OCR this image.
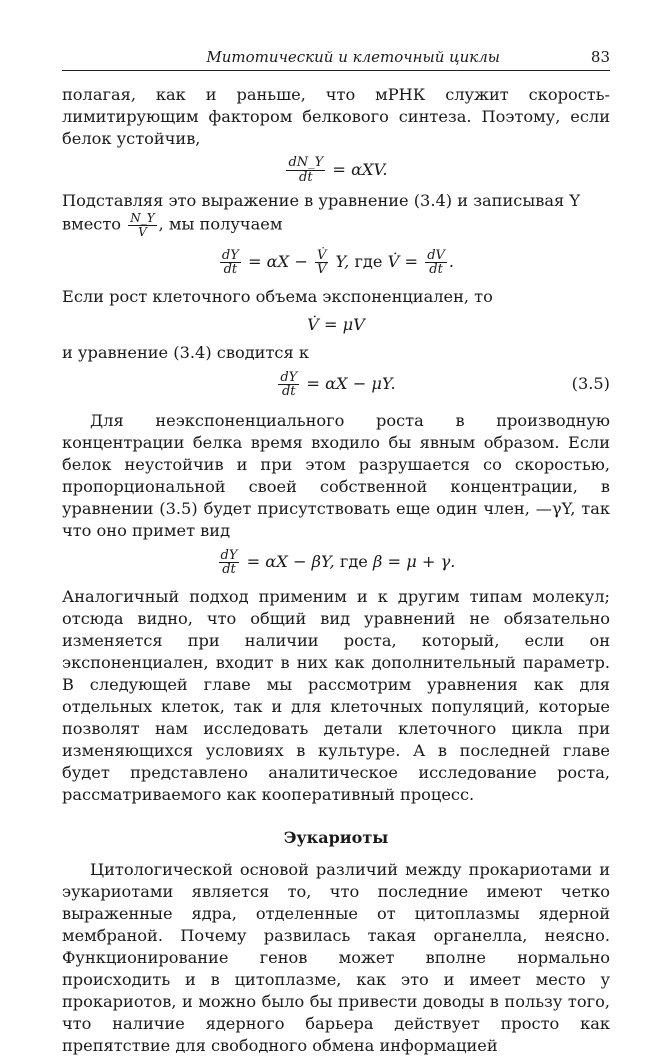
Митотический и клеточный циклы	83

полагая, как и раньше, что мРНК служит скорость-лимитирующим фактором белкового синтеза. Поэтому, если белок устойчив,

$\frac{dN\_Y}{dt} = \alpha XV$.

Подставляя это выражение в уравнение (3.4) и записывая Y

вместо $\frac{N\_Y}{V}$ , мы получаем

$\frac{dY}{dt} = \alpha X - \frac{V̇}{V} Y$, где V̇ = $\frac{dV}{dt}$ .

Если рост клеточного объема экспоненциален, то

V̇ = μV

и уравнение (3.4) сводится к

$\frac{dY}{dt} = \alpha X - \mu Y$.	(3.5)

Для неэкспоненциального роста в производную концентрации белка время входило бы явным образом. Если белок неустойчив и при этом разрушается со скоростью, пропорциональной своей собственной концентрации, в уравнении (3.5) будет присутствовать еще один член, —γY, так что оно примет вид

$\frac{dY}{dt} = \alpha X - \beta Y$, где β = μ + γ.

Аналогичный подход применим и к другим типам молекул; отсюда видно, что общий вид уравнений не обязательно изменяется при наличии роста, который, если он экспоненциален, входит в них как дополнительный параметр. В следующей главе мы рассмотрим уравнения как для отдельных клеток, так и для клеточных популяций, которые позволят нам исследовать детали клеточного цикла при изменяющихся условиях в культуре. А в последней главе будет представлено аналитическое исследование роста, рассматриваемого как кооперативный процесс.

Эукариоты

Цитологической основой различий между прокариотами и эукариотами является то, что последние имеют четко выраженные ядра, отделенные от цитоплазмы ядерной мембраной. Почему развилась такая органелла, неясно. Функционирование генов может вполне нормально происходить и в цитоплазме, как это и имеет место у прокариотов, и можно было бы привести доводы в пользу того, что наличие ядерного барьера действует просто как препятствие для свободного обмена информацией
